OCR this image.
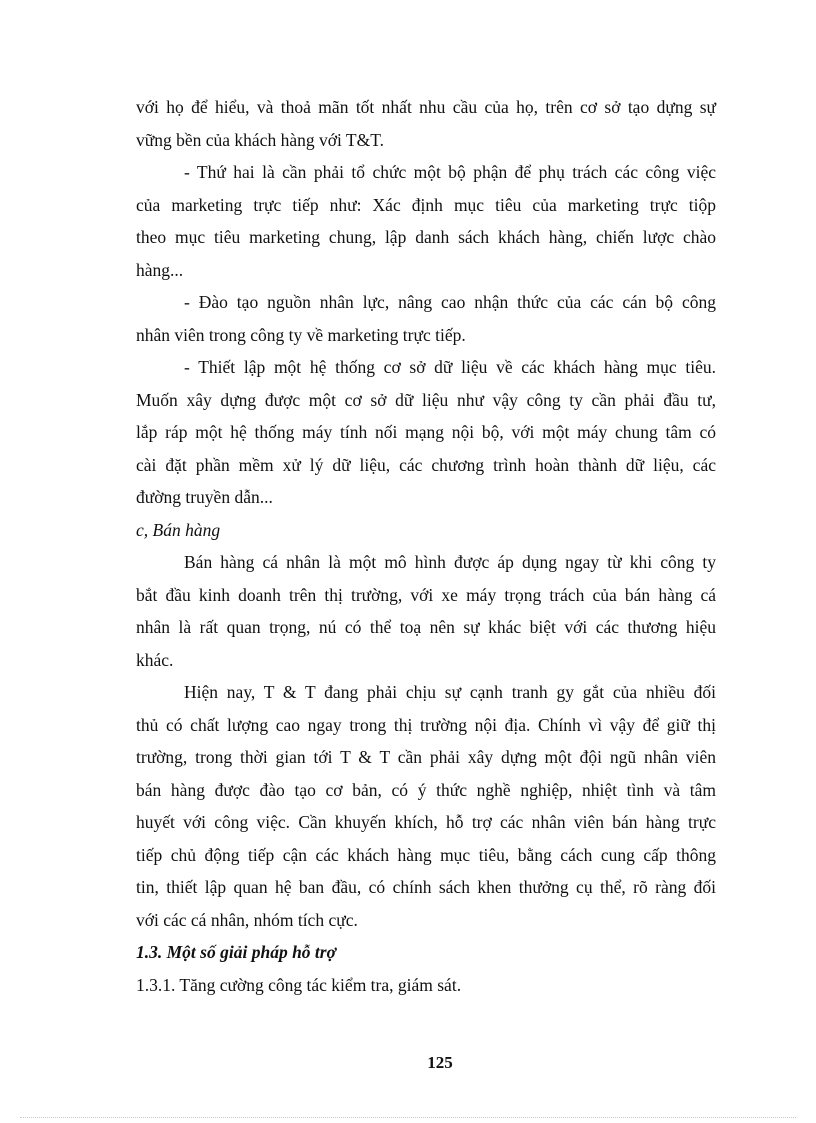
với họ để hiểu, và thoả mãn tốt nhất nhu cầu của họ, trên cơ sở tạo dựng sự
vững bền của khách hàng với T&T.
- Thứ hai là cần phải tổ chức một bộ phận để phụ trách các công việc
của marketing trực tiếp như: Xác định mục tiêu của marketing trực tiộp
theo mục tiêu marketing chung, lập danh sách khách hàng, chiến lược chào
hàng...
- Đào tạo nguồn nhân lực, nâng cao nhận thức của các cán bộ công
nhân viên trong công ty về marketing trực tiếp.
- Thiết lập một hệ thống cơ sở dữ liệu về các khách hàng mục tiêu.
Muốn xây dựng được một cơ sở dữ liệu như vậy công ty cần phải đầu tư,
lắp ráp một hệ thống máy tính nối mạng nội bộ, với một máy chung tâm có
cài đặt phần mềm xử lý dữ liệu, các chương trình hoàn thành dữ liệu, các
đường truyền dẫn...
c, Bán hàng
Bán hàng cá nhân là một mô hình được áp dụng ngay từ khi công ty
bắt đầu kinh doanh trên thị trường, với xe máy trọng trách của bán hàng cá
nhân là rất quan trọng, nú có thể toạ nên sự khác biệt với các thương hiệu
khác.
Hiện nay, T & T đang phải chịu sự cạnh tranh gy gắt của nhiều đối
thủ có chất lượng cao ngay trong thị trường nội địa. Chính vì vậy để giữ thị
trường, trong thời gian tới T & T cần phải xây dựng một đội ngũ nhân viên
bán hàng được đào tạo cơ bản, có ý thức nghề nghiệp, nhiệt tình và tâm
huyết với công việc. Cần khuyến khích, hỗ trợ các nhân viên bán hàng trực
tiếp chủ động tiếp cận các khách hàng mục tiêu, bằng cách cung cấp thông
tin, thiết lập quan hệ ban đầu, có chính sách khen thưởng cụ thể, rõ ràng đối
với các cá nhân, nhóm tích cực.
1.3. Một số giải pháp hỗ trợ
1.3.1. Tăng cường công tác kiểm tra, giám sát.
125
